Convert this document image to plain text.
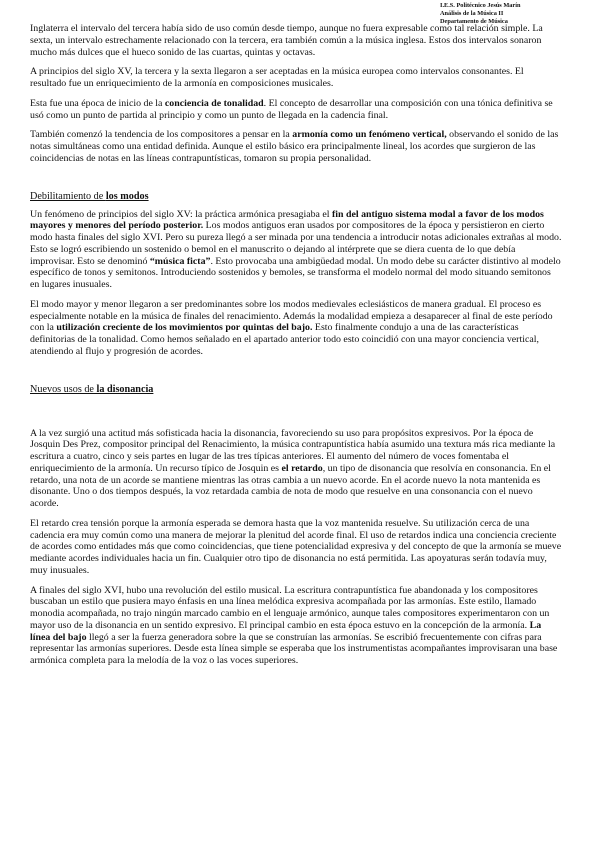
I.E.S. Politécnico Jesús Marín
Análisis de la Música II
Departamento de Música

Inglaterra el intervalo del tercera había sido de uso común desde tiempo, aunque no fuera expresable como tal relación simple. La sexta, un intervalo estrechamente relacionado con la tercera, era también común a la música inglesa. Estos dos intervalos sonaron mucho más dulces que el hueco sonido de las cuartas, quintas y octavas.

A principios del siglo XV, la tercera y la sexta llegaron a ser aceptadas en la música europea como intervalos consonantes. El resultado fue un enriquecimiento de la armonía en composiciones musicales.

Esta fue una época de inicio de la conciencia de tonalidad. El concepto de desarrollar una composición con una tónica definitiva se usó como un punto de partida al principio y como un punto de llegada en la cadencia final.

También comenzó la tendencia de los compositores a pensar en la armonía como un fenómeno vertical, observando el sonido de las notas simultáneas como una entidad definida. Aunque el estilo básico era principalmente lineal, los acordes que surgieron de las coincidencias de notas en las líneas contrapuntísticas, tomaron su propia personalidad.

Debilitamiento de los modos

Un fenómeno de principios del siglo XV: la práctica armónica presagiaba el fin del antiguo sistema modal a favor de los modos mayores y menores del período posterior. Los modos antiguos eran usados por compositores de la época y persistieron en cierto modo hasta finales del siglo XVI. Pero su pureza llegó a ser minada por una tendencia a introducir notas adicionales extrañas al modo. Esto se logró escribiendo un sostenido o bemol en el manuscrito o dejando al intérprete que se diera cuenta de lo que debía improvisar. Esto se denominó “música ficta”. Esto provocaba una ambigüedad modal. Un modo debe su carácter distintivo al modelo específico de tonos y semitonos. Introduciendo sostenidos y bemoles, se transforma el modelo normal del modo situando semitonos en lugares inusuales.

El modo mayor y menor llegaron a ser predominantes sobre los modos medievales eclesiásticos de manera gradual. El proceso es especialmente notable en la música de finales del renacimiento. Además la modalidad empieza a desaparecer al final de este período con la utilización creciente de los movimientos por quintas del bajo. Esto finalmente condujo a una de las características definitorias de la tonalidad. Como hemos señalado en el apartado anterior todo esto coincidió con una mayor conciencia vertical, atendiendo al flujo y progresión de acordes.

Nuevos usos de la disonancia

A la vez surgió una actitud más sofisticada hacia la disonancia, favoreciendo su uso para propósitos expresivos. Por la época de Josquin Des Prez, compositor principal del Renacimiento, la música contrapuntística había asumido una textura más rica mediante la escritura a cuatro, cinco y seis partes en lugar de las tres típicas anteriores. El aumento del número de voces fomentaba el enriquecimiento de la armonía. Un recurso típico de Josquin es el retardo, un tipo de disonancia que resolvía en consonancia. En el retardo, una nota de un acorde se mantiene mientras las otras cambia a un nuevo acorde. En el acorde nuevo la nota mantenida es disonante. Uno o dos tiempos después, la voz retardada cambia de nota de modo que resuelve en una consonancia con el nuevo acorde.

El retardo crea tensión porque la armonía esperada se demora hasta que la voz mantenida resuelve. Su utilización cerca de una cadencia era muy común como una manera de mejorar la plenitud del acorde final. El uso de retardos indica una conciencia creciente de acordes como entidades más que como coincidencias, que tiene potencialidad expresiva y del concepto de que la armonía se mueve mediante acordes individuales hacia un fin. Cualquier otro tipo de disonancia no está permitida. Las apoyaturas serán todavía muy, muy inusuales.

A finales del siglo XVI, hubo una revolución del estilo musical. La escritura contrapuntística fue abandonada y los compositores buscaban un estilo que pusiera mayo énfasis en una línea melódica expresiva acompañada por las armonías. Este estilo, llamado monodia acompañada, no trajo ningún marcado cambio en el lenguaje armónico, aunque tales compositores experimentaron con un mayor uso de la disonancia en un sentido expresivo. El principal cambio en esta época estuvo en la concepción de la armonía. La línea del bajo llegó a ser la fuerza generadora sobre la que se construían las armonías. Se escribió frecuentemente con cifras para representar las armonías superiores. Desde esta línea simple se esperaba que los instrumentistas acompañantes improvisaran una base armónica completa para la melodía de la voz o las voces superiores.
